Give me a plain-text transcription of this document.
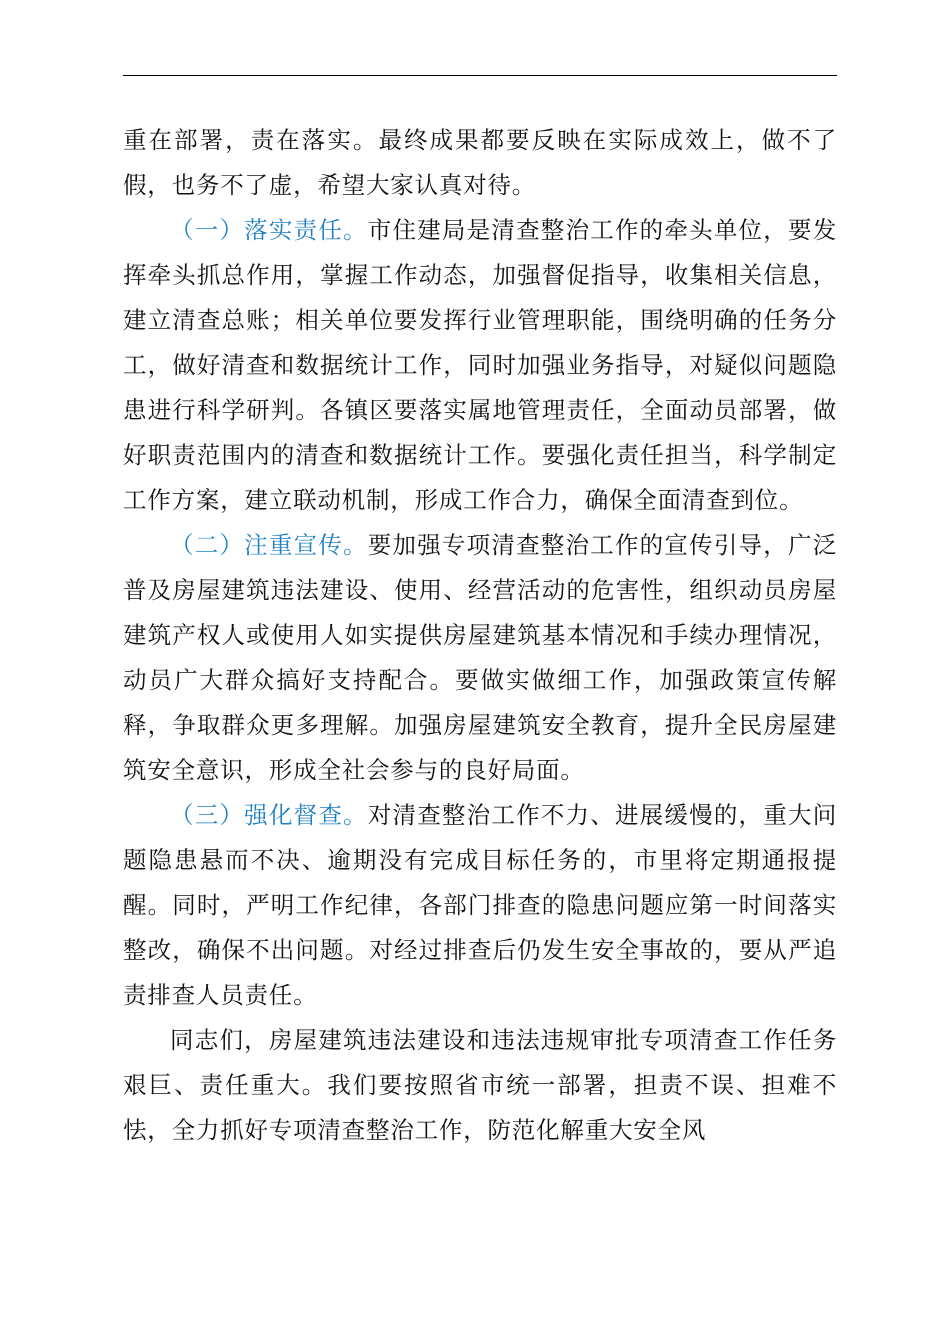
重在部署，责在落实。最终成果都要反映在实际成效上，做不了假，也务不了虚，希望大家认真对待。

（一）落实责任。市住建局是清查整治工作的牵头单位，要发挥牵头抓总作用，掌握工作动态，加强督促指导，收集相关信息，建立清查总账；相关单位要发挥行业管理职能，围绕明确的任务分工，做好清查和数据统计工作，同时加强业务指导，对疑似问题隐患进行科学研判。各镇区要落实属地管理责任，全面动员部署，做好职责范围内的清查和数据统计工作。要强化责任担当，科学制定工作方案，建立联动机制，形成工作合力，确保全面清查到位。

（二）注重宣传。要加强专项清查整治工作的宣传引导，广泛普及房屋建筑违法建设、使用、经营活动的危害性，组织动员房屋建筑产权人或使用人如实提供房屋建筑基本情况和手续办理情况，动员广大群众搞好支持配合。要做实做细工作，加强政策宣传解释，争取群众更多理解。加强房屋建筑安全教育，提升全民房屋建筑安全意识，形成全社会参与的良好局面。

（三）强化督查。对清查整治工作不力、进展缓慢的，重大问题隐患悬而不决、逾期没有完成目标任务的，市里将定期通报提醒。同时，严明工作纪律，各部门排查的隐患问题应第一时间落实整改，确保不出问题。对经过排查后仍发生安全事故的，要从严追责排查人员责任。

同志们，房屋建筑违法建设和违法违规审批专项清查工作任务艰巨、责任重大。我们要按照省市统一部署，担责不误、担难不怯，全力抓好专项清查整治工作，防范化解重大安全风
